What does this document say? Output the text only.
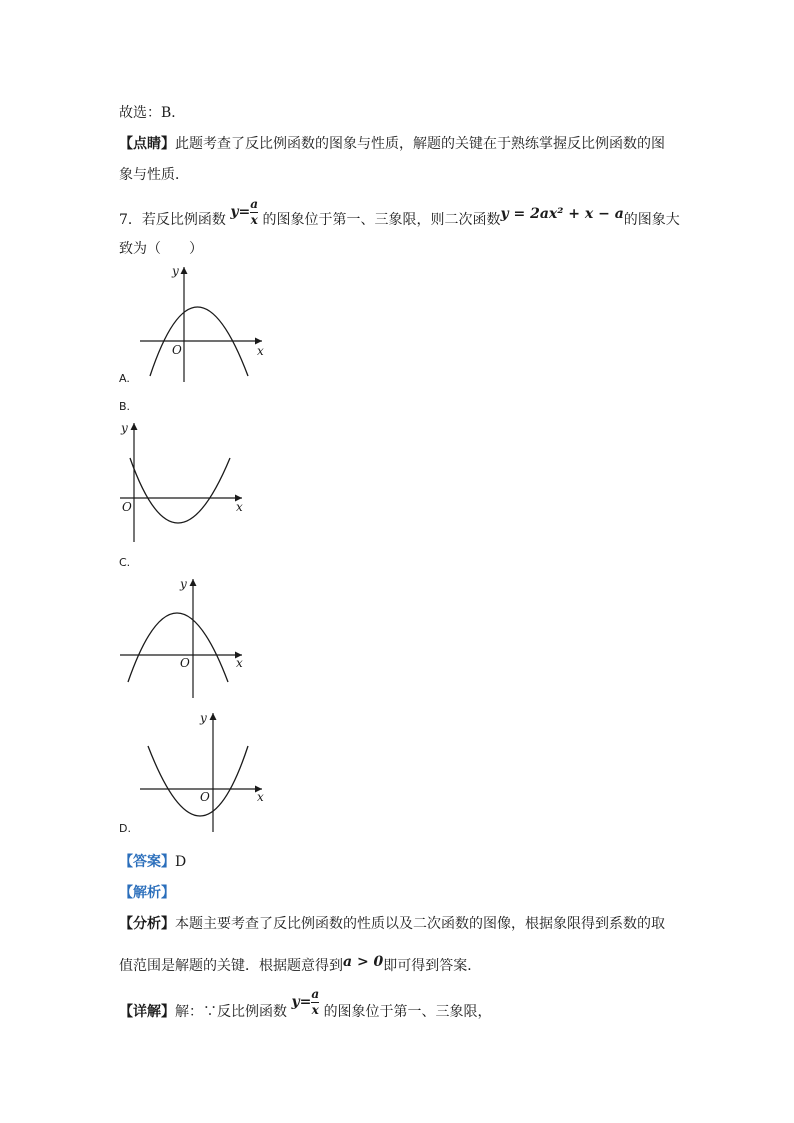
故选：B．
【点睛】此题考查了反比例函数的图象与性质，解题的关键在于熟练掌握反比例函数的图
象与性质．
7．若反比例函数 $y= \frac{a}{x}$ 的图象位于第一、三象限，则二次函数y = 2ax² + x − a的图象大
致为（　　）
y
x
O
A.
B.
y
x
O
C.
y
x
O
y
x
O
D.
【答案】D
【解析】
【分析】本题主要考查了反比例函数的性质以及二次函数的图像，根据象限得到系数的取
值范围是解题的关键．根据题意得到a > 0即可得到答案．
【详解】解：∵反比例函数 $y= \frac{a}{x}$ 的图象位于第一、三象限，
